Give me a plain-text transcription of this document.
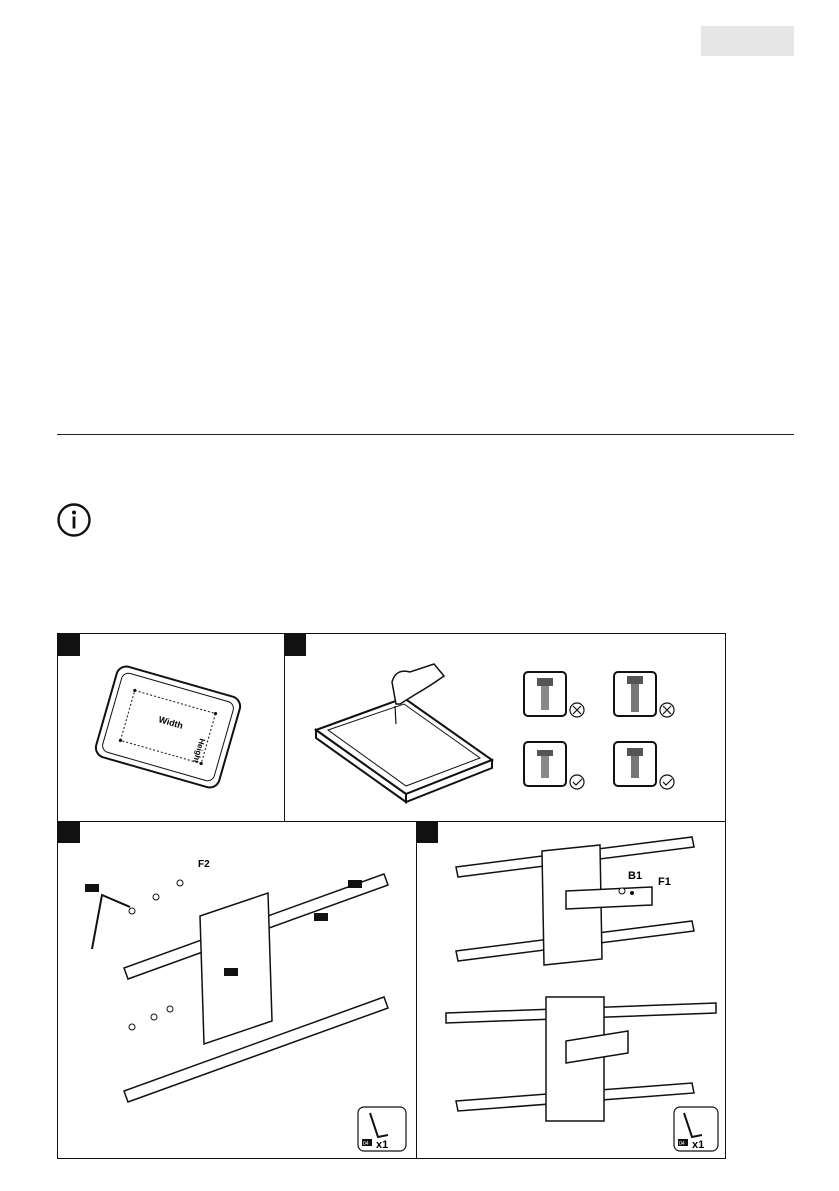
Width
Height
F2
04 x1
B1 F1
04 x1
